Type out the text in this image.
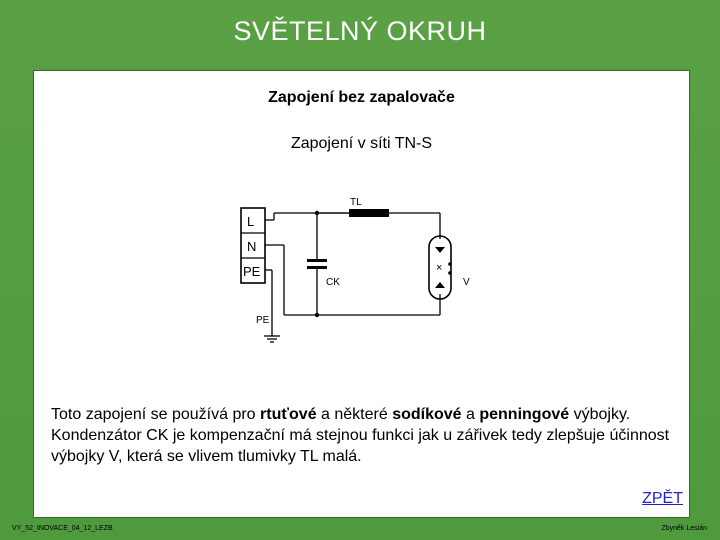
SVĚTELNÝ OKRUH
Zapojení bez zapalovače
Zapojení v síti TN-S
×
L
N
PE
TL
CK	V
PE
Toto zapojení se používá pro rtuťové a některé sodíkové a penningové výbojky. Kondenzátor CK je kompenzační má stejnou funkci jak u zářivek tedy zlepšuje účinnost výbojky V, která se vlivem tlumivky TL malá.
ZPĚT
VY_52_INOVACE_04_12_LEZB	Zbyněk Lesián
